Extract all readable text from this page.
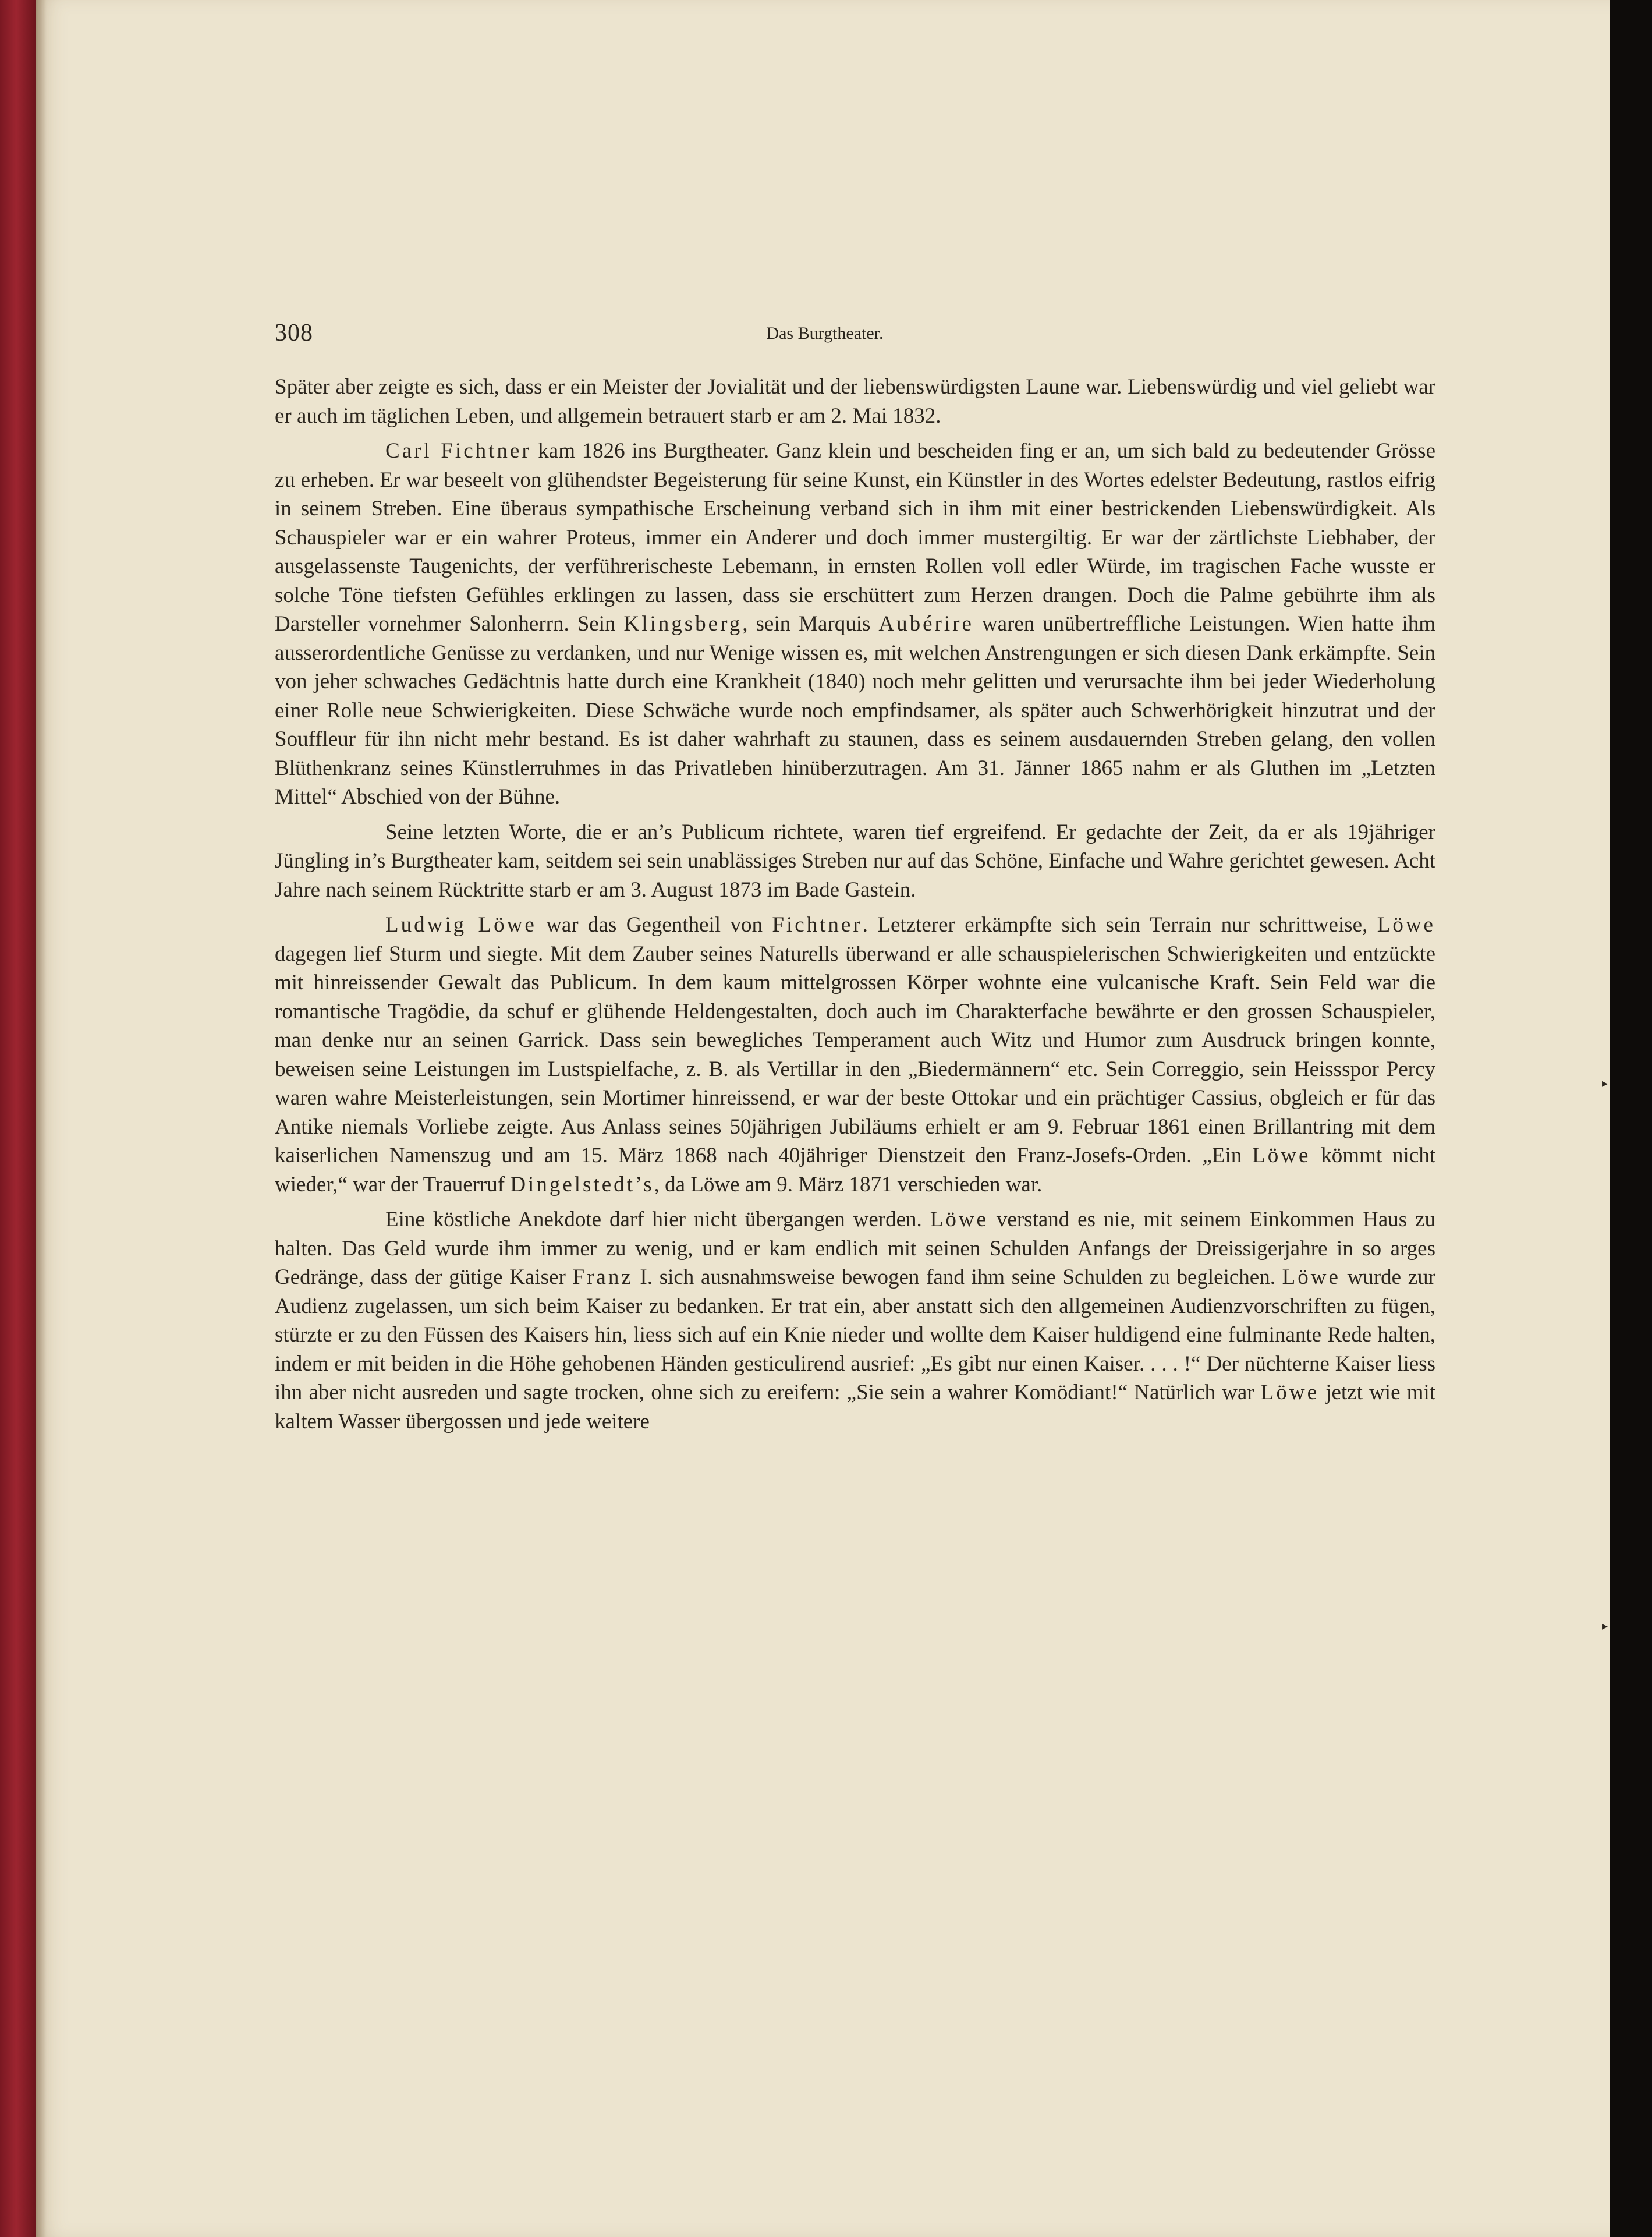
308	Das Burgtheater.

Später aber zeigte es sich, dass er ein Meister der Jovialität und der liebenswürdigsten Laune war. Liebenswürdig und viel geliebt war er auch im täglichen Leben, und allgemein betrauert starb er am 2. Mai 1832.

Carl Fichtner kam 1826 ins Burgtheater. Ganz klein und bescheiden fing er an, um sich bald zu bedeutender Grösse zu erheben. Er war beseelt von glühendster Begeisterung für seine Kunst, ein Künstler in des Wortes edelster Bedeutung, rastlos eifrig in seinem Streben. Eine überaus sympathische Erscheinung verband sich in ihm mit einer bestrickenden Liebenswürdigkeit. Als Schauspieler war er ein wahrer Proteus, immer ein Anderer und doch immer mustergiltig. Er war der zärtlichste Liebhaber, der ausgelassenste Taugenichts, der verführerischeste Lebemann, in ernsten Rollen voll edler Würde, im tragischen Fache wusste er solche Töne tiefsten Gefühles erklingen zu lassen, dass sie erschüttert zum Herzen drangen. Doch die Palme gebührte ihm als Darsteller vornehmer Salonherrn. Sein Klingsberg, sein Marquis Aubérire waren unübertreffliche Leistungen. Wien hatte ihm ausserordentliche Genüsse zu verdanken, und nur Wenige wissen es, mit welchen Anstrengungen er sich diesen Dank erkämpfte. Sein von jeher schwaches Gedächtnis hatte durch eine Krankheit (1840) noch mehr gelitten und verursachte ihm bei jeder Wiederholung einer Rolle neue Schwierigkeiten. Diese Schwäche wurde noch empfindsamer, als später auch Schwerhörigkeit hinzutrat und der Souffleur für ihn nicht mehr bestand. Es ist daher wahrhaft zu staunen, dass es seinem ausdauernden Streben gelang, den vollen Blüthenkranz seines Künstlerruhmes in das Privatleben hinüberzutragen. Am 31. Jänner 1865 nahm er als Gluthen im „Letzten Mittel“ Abschied von der Bühne.

Seine letzten Worte, die er an’s Publicum richtete, waren tief ergreifend. Er gedachte der Zeit, da er als 19jähriger Jüngling in’s Burgtheater kam, seitdem sei sein unablässiges Streben nur auf das Schöne, Einfache und Wahre gerichtet gewesen. Acht Jahre nach seinem Rücktritte starb er am 3. August 1873 im Bade Gastein.

Ludwig Löwe war das Gegentheil von Fichtner. Letzterer erkämpfte sich sein Terrain nur schrittweise, Löwe dagegen lief Sturm und siegte. Mit dem Zauber seines Naturells überwand er alle schauspielerischen Schwierigkeiten und entzückte mit hinreissender Gewalt das Publicum. In dem kaum mittelgrossen Körper wohnte eine vulcanische Kraft. Sein Feld war die romantische Tragödie, da schuf er glühende Heldengestalten, doch auch im Charakterfache bewährte er den grossen Schauspieler, man denke nur an seinen Garrick. Dass sein bewegliches Temperament auch Witz und Humor zum Ausdruck bringen konnte, beweisen seine Leistungen im Lustspielfache, z. B. als Vertillar in den „Biedermännern“ etc. Sein Correggio, sein Heissspor Percy waren wahre Meisterleistungen, sein Mortimer hinreissend, er war der beste Ottokar und ein prächtiger Cassius, obgleich er für das Antike niemals Vorliebe zeigte. Aus Anlass seines 50jährigen Jubiläums erhielt er am 9. Februar 1861 einen Brillantring mit dem kaiserlichen Namenszug und am 15. März 1868 nach 40jähriger Dienstzeit den Franz-Josefs-Orden. „Ein Löwe kömmt nicht wieder,“ war der Trauerruf Dingelstedt’s, da Löwe am 9. März 1871 verschieden war.

Eine köstliche Anekdote darf hier nicht übergangen werden. Löwe verstand es nie, mit seinem Einkommen Haus zu halten. Das Geld wurde ihm immer zu wenig, und er kam endlich mit seinen Schulden Anfangs der Dreissigerjahre in so arges Gedränge, dass der gütige Kaiser Franz I. sich ausnahmsweise bewogen fand ihm seine Schulden zu begleichen. Löwe wurde zur Audienz zugelassen, um sich beim Kaiser zu bedanken. Er trat ein, aber anstatt sich den allgemeinen Audienzvorschriften zu fügen, stürzte er zu den Füssen des Kaisers hin, liess sich auf ein Knie nieder und wollte dem Kaiser huldigend eine fulminante Rede halten, indem er mit beiden in die Höhe gehobenen Händen gesticulirend ausrief: „Es gibt nur einen Kaiser. . . . !“ Der nüchterne Kaiser liess ihn aber nicht ausreden und sagte trocken, ohne sich zu ereifern: „Sie sein a wahrer Komödiant!“ Natürlich war Löwe jetzt wie mit kaltem Wasser übergossen und jede weitere

▸
▸
